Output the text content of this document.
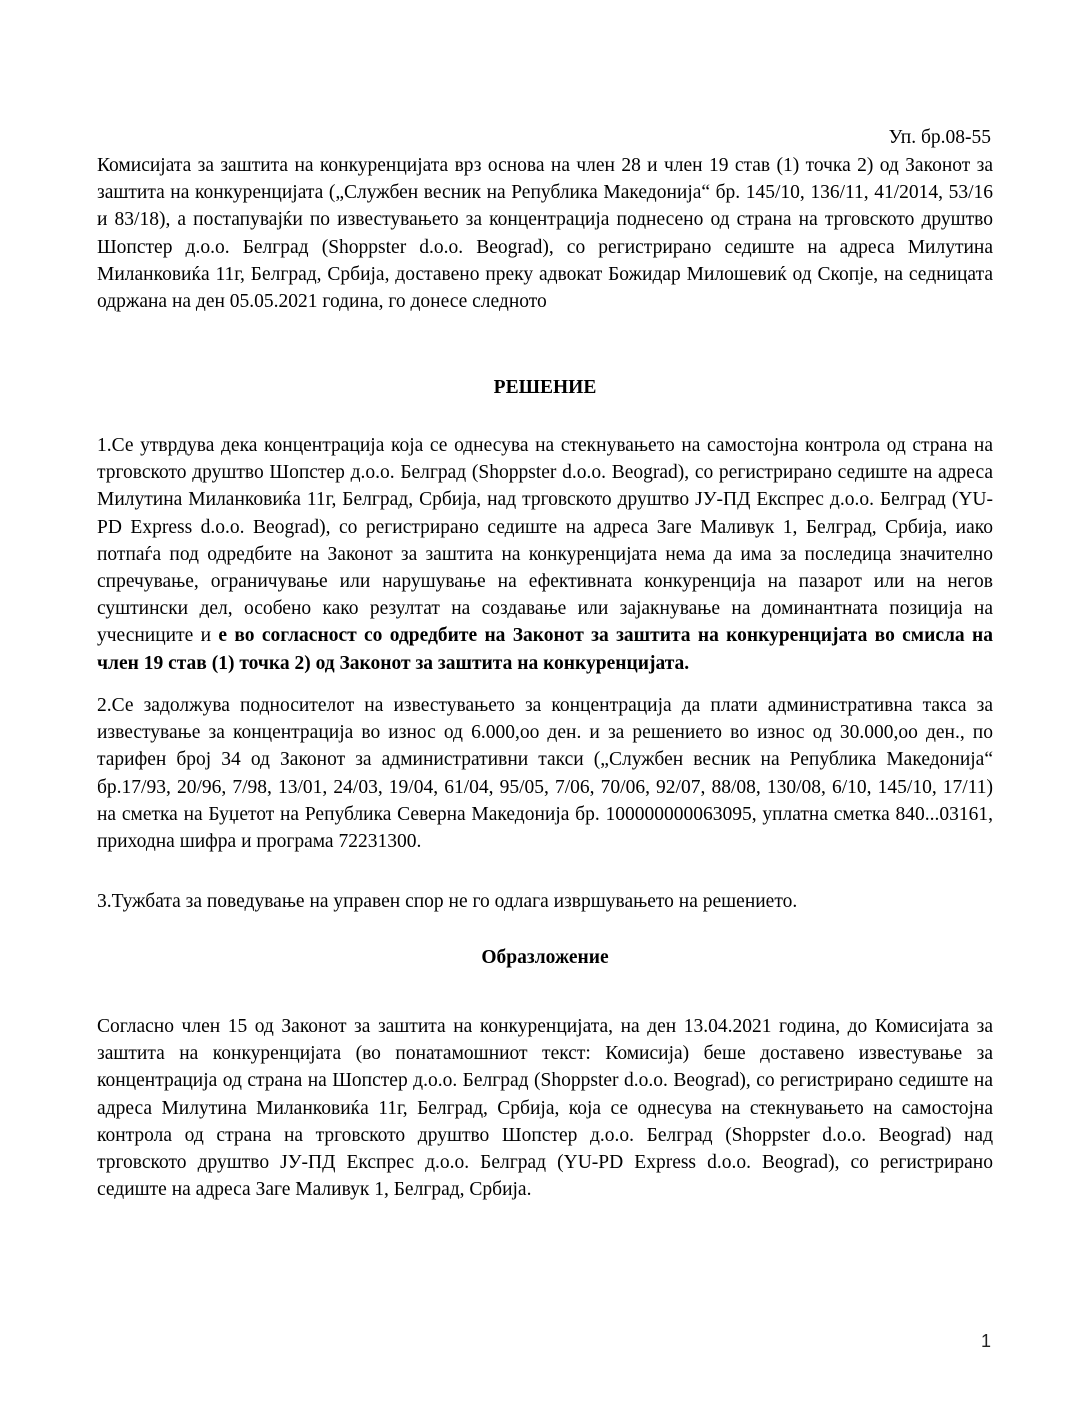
Уп. бр.08-55
Комисијата за заштита на конкуренцијата врз основа на член 28 и член 19 став (1) точка 2) од Законот за заштита на конкуренцијата („Службен весник на Република Македонија“ бр. 145/10, 136/11, 41/2014, 53/16 и 83/18), а постапувајќи по известувањето за концентрација поднесено од страна на трговското друштво Шопстер д.о.о. Белград (Shoppster d.o.o. Beograd), со регистрирано седиште на адреса Милутина Миланковиќа 11г, Белград, Србија, доставено преку адвокат Божидар Милошевиќ од Скопје, на седницата одржана на ден 05.05.2021 година, го донесе следното
РЕШЕНИЕ
1.Се утврдува дека концентрација која се однесува на стекнувањето на самостојна контрола од страна на трговското друштво Шопстер д.о.о. Белград (Shoppster d.o.o. Beograd), со регистрирано седиште на адреса Милутина Миланковиќа 11г, Белград, Србија, над трговското друштво ЈУ-ПД Експрес д.о.о. Белград (YU-PD Express d.o.o. Beograd), со регистрирано седиште на адреса Заге Маливук 1, Белград, Србија, иако потпаѓа под одредбите на Законот за заштита на конкуренцијата нема да има за последица значително спречување, ограничување или нарушување на ефективната конкуренција на пазарот или на негов суштински дел, особено како резултат на создавање или зајакнување на доминантната позиција на учесниците и е во согласност со одредбите на Законот за заштита на конкуренцијата во смисла на член 19 став (1) точка 2) од Законот за заштита на конкуренцијата.
2.Се задолжува подносителот на известувањето за концентрација да плати административна такса за известување за концентрација во износ од 6.000,оо ден. и за решението во износ од 30.000,оо ден., по тарифен број 34 од Законот за административни такси („Службен весник на Република Македонија“ бр.17/93, 20/96, 7/98, 13/01, 24/03, 19/04, 61/04, 95/05, 7/06, 70/06, 92/07, 88/08, 130/08, 6/10, 145/10, 17/11) на сметка на Буџетот на Република Северна Македонија бр. 100000000063095, уплатна сметка 840...03161, приходна шифра и програма 72231300.
3.Тужбата за поведување на управен спор не го одлага извршувањето на решението.
Образложение
Согласно член 15 од Законот за заштита на конкуренцијата, на ден 13.04.2021 година, до Комисијата за заштита на конкуренцијата (во понатамошниот текст: Комисија) беше доставено известување за концентрација од страна на Шопстер д.о.о. Белград (Shoppster d.o.o. Beograd), со регистрирано седиште на адреса Милутина Миланковиќа 11г, Белград, Србија, која се однесува на стекнувањето на самостојна контрола од страна на трговското друштво Шопстер д.о.о. Белград (Shoppster d.o.o. Beograd) над трговското друштво ЈУ-ПД Експрес д.о.о. Белград (YU-PD Express d.o.o. Beograd), со регистрирано седиште на адреса Заге Маливук 1, Белград, Србија.
1
